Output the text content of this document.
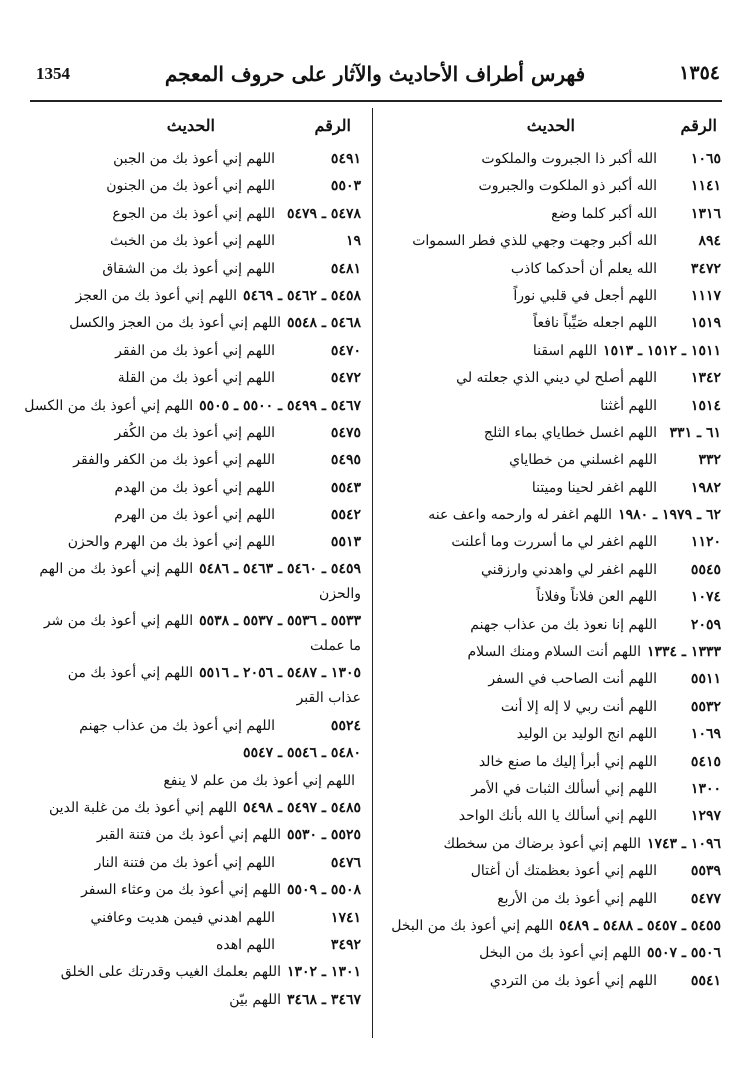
1354	فهرس أطراف الأحاديث والآثار على حروف المعجم	١٣٥٤
الرقم
الحديث
١٠٦٥
الله أكبر ذا الجبروت والملكوت
١١٤١
الله أكبر ذو الملكوت والجبروت
١٣١٦
الله أكبر كلما وضع
٨٩٤
الله أكبر وجهت وجهي للذي فطر السموات
٣٤٧٢
الله يعلم أن أحدكما كاذب
١١١٧
اللهم أجعل في قلبي نوراً
١٥١٩
اللهم اجعله صَيِّباً نافعاً
١٥١١ ـ ١٥١٢ ـ ١٥١٣اللهم اسقنا
١٣٤٢
اللهم أصلح لي ديني الذي جعلته لي
١٥١٤
اللهم أغثنا
٦١ ـ ٣٣١
اللهم اغسل خطاياي بماء الثلج
٣٣٢
اللهم اغسلني من خطاياي
١٩٨٢
اللهم اغفر لحينا وميتنا
٦٢ ـ ١٩٧٩ ـ ١٩٨٠اللهم اغفر له وارحمه واعف عنه
١١٢٠
اللهم اغفر لي ما أسررت وما أعلنت
٥٥٤٥
اللهم اغفر لي واهدني وارزقني
١٠٧٤
اللهم العن فلاناً وفلاناً
٢٠٥٩
اللهم إنا نعوذ بك من عذاب جهنم
١٣٣٣ ـ ١٣٣٤اللهم أنت السلام ومنك السلام
٥٥١١
اللهم أنت الصاحب في السفر
٥٥٣٢
اللهم أنت ربي لا إله إلا أنت
١٠٦٩
اللهم انج الوليد بن الوليد
٥٤١٥
اللهم إني أبرأ إليك ما صنع خالد
١٣٠٠
اللهم إني أسألك الثبات في الأمر
١٢٩٧
اللهم إني أسألك يا الله بأنك الواحد
١٠٩٦ ـ ١٧٤٣اللهم إني أعوذ برضاك من سخطك
٥٥٣٩
اللهم إني أعوذ بعظمتك أن أغتال
٥٤٧٧
اللهم إني أعوذ بك من الأربع
٥٤٥٥ ـ ٥٤٥٧ ـ ٥٤٨٨ ـ ٥٤٨٩اللهم إني أعوذ بك من البخل
٥٥٠٦ ـ ٥٥٠٧اللهم إني أعوذ بك من البخل
٥٥٤١
اللهم إني أعوذ بك من التردي
الرقم
الحديث
٥٤٩١
اللهم إني أعوذ بك من الجبن
٥٥٠٣
اللهم إني أعوذ بك من الجنون
٥٤٧٨ ـ ٥٤٧٩
اللهم إني أعوذ بك من الجوع
١٩
اللهم إني أعوذ بك من الخبث
٥٤٨١
اللهم إني أعوذ بك من الشقاق
٥٤٥٨ ـ ٥٤٦٢ ـ ٥٤٦٩اللهم إني أعوذ بك من العجز
٥٤٦٨ ـ ٥٥٤٨اللهم إني أعوذ بك من العجز والكسل
٥٤٧٠
اللهم إني أعوذ بك من الفقر
٥٤٧٢
اللهم إني أعوذ بك من القلة
٥٤٦٧ ـ ٥٤٩٩ ـ ٥٥٠٠ ـ ٥٥٠٥اللهم إني أعوذ بك من الكسل
٥٤٧٥
اللهم إني أعوذ بك من الكُفر
٥٤٩٥
اللهم إني أعوذ بك من الكفر والفقر
٥٥٤٣
اللهم إني أعوذ بك من الهدم
٥٥٤٢
اللهم إني أعوذ بك من الهرم
٥٥١٣
اللهم إني أعوذ بك من الهرم والحزن
٥٤٥٩ ـ ٥٤٦٠ ـ ٥٤٦٣ ـ ٥٤٨٦اللهم إني أعوذ بك من الهم والحزن
٥٥٣٣ ـ ٥٥٣٦ ـ ٥٥٣٧ ـ ٥٥٣٨اللهم إني أعوذ بك من شر ما عملت
١٣٠٥ ـ ٥٤٨٧ ـ ٢٠٥٦ ـ ٥٥١٦اللهم إني أعوذ بك من عذاب القبر
٥٥٢٤
اللهم إني أعوذ بك من عذاب جهنم
٥٤٨٠ ـ ٥٥٤٦ ـ ٥٥٤٧
اللهم إني أعوذ بك من علم لا ينفع
٥٤٨٥ ـ ٥٤٩٧ ـ ٥٤٩٨اللهم إني أعوذ بك من غلبة الدين
٥٥٢٥ ـ ٥٥٣٠اللهم إني أعوذ بك من فتنة القبر
٥٤٧٦
اللهم إني أعوذ بك من فتنة النار
٥٥٠٨ ـ ٥٥٠٩اللهم إني أعوذ بك من وعثاء السفر
١٧٤١
اللهم اهدني فيمن هديت وعافني
٣٤٩٢
اللهم اهده
١٣٠١ ـ ١٣٠٢اللهم بعلمك الغيب وقدرتك على الخلق
٣٤٦٧ ـ ٣٤٦٨اللهم بيّن
